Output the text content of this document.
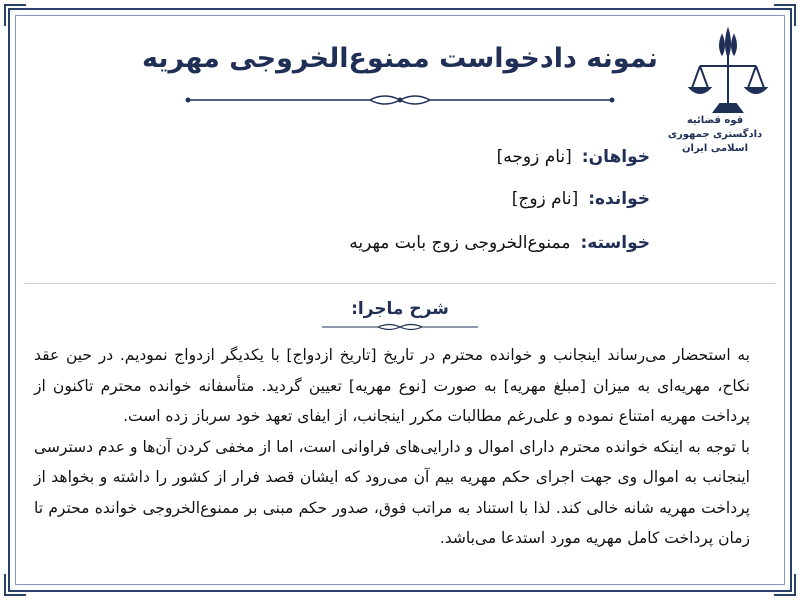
نمونه دادخواست ممنوع‌الخروجی مهریه
قوه قضائیه
دادگستری جمهوری اسلامی ایران
خواهان:[نام زوجه]
خوانده:[نام زوج]
خواسته:ممنوع‌الخروجی زوج بابت مهریه
شرح ماجرا:

به استحضار می‌رساند اینجانب و خوانده محترم در تاریخ [تاریخ ازدواج] با یکدیگر ازدواج نمودیم. در حین عقد نکاح، مهریه‌ای به میزان [مبلغ مهریه] به صورت [نوع مهریه] تعیین گردید. متأسفانه خوانده محترم تاکنون از پرداخت مهریه امتناع نموده و علی‌رغم مطالبات مکرر اینجانب، از ایفای تعهد خود سرباز زده است.

با توجه به اینکه خوانده محترم دارای اموال و دارایی‌های فراوانی است، اما از مخفی کردن آن‌ها و عدم دسترسی اینجانب به اموال وی جهت اجرای حکم مهریه بیم آن می‌رود که ایشان قصد فرار از کشور را داشته و بخواهد از پرداخت مهریه شانه خالی کند. لذا با استناد به مراتب فوق، صدور حکم مبنی بر ممنوع‌الخروجی خوانده محترم تا زمان پرداخت کامل مهریه مورد استدعا می‌باشد.
